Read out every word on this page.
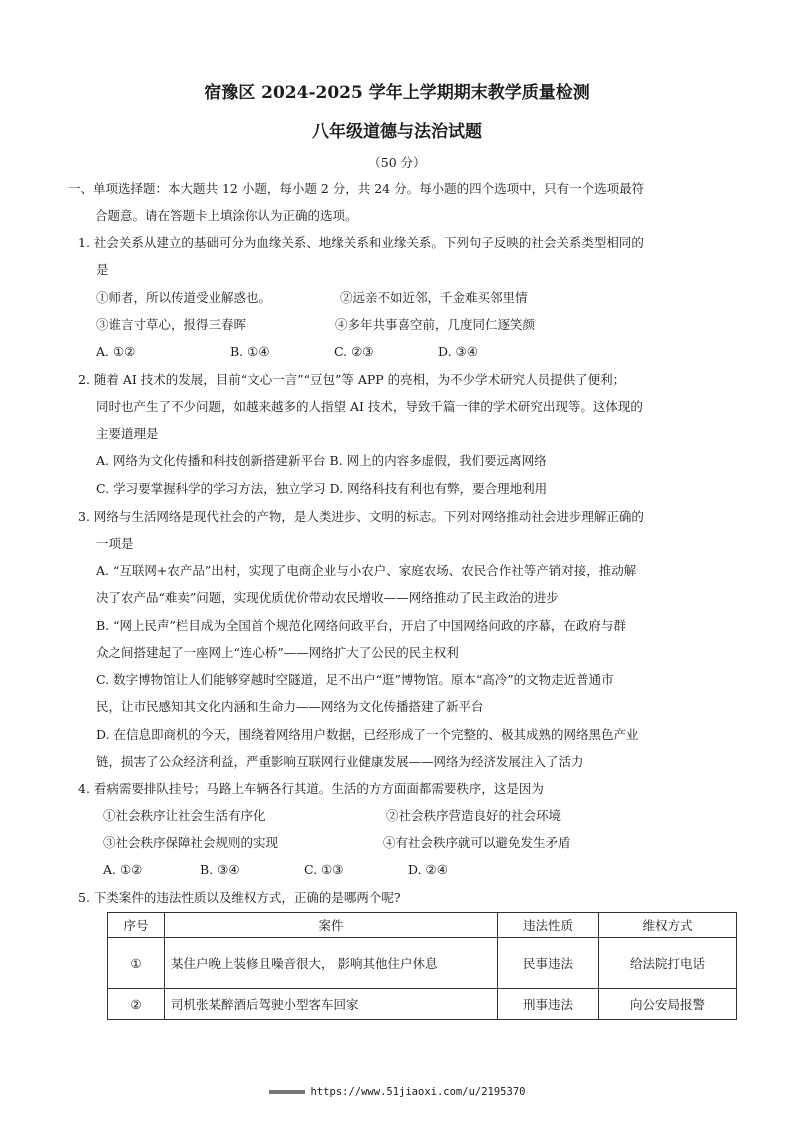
宿豫区 2024-2025 学年上学期期末教学质量检测
八年级道德与法治试题
（50 分）
一、单项选择题：本大题共 12 小题，每小题 2 分，共 24 分。每小题的四个选项中，只有一个选项最符
合题意。请在答题卡上填涂你认为正确的选项。
1. 社会关系从建立的基础可分为血缘关系、地缘关系和业缘关系。下列句子反映的社会关系类型相同的
是
①师者，所以传道受业解惑也。	②远亲不如近邻，千金难买邻里情
③谁言寸草心，报得三春晖	④多年共事喜空前，几度同仁逐笑颜
A. ①②	B. ①④	C. ②③	D. ③④
2. 随着 AI 技术的发展，目前“文心一言”“豆包”等 APP 的亮相，为不少学术研究人员提供了便利；
同时也产生了不少问题，如越来越多的人指望 AI 技术，导致千篇一律的学术研究出现等。这体现的
主要道理是
A. 网络为文化传播和科技创新搭建新平台 B. 网上的内容多虚假，我们要远离网络
C. 学习要掌握科学的学习方法，独立学习 D. 网络科技有利也有弊，要合理地利用
3. 网络与生活网络是现代社会的产物，是人类进步、文明的标志。下列对网络推动社会进步理解正确的
一项是
A. “互联网+农产品”出村，实现了电商企业与小农户、家庭农场、农民合作社等产销对接，推动解
决了农产品“难卖”问题，实现优质优价带动农民增收——网络推动了民主政治的进步
B. “网上民声”栏目成为全国首个规范化网络问政平台，开启了中国网络问政的序幕，在政府与群
众之间搭建起了一座网上“连心桥”——网络扩大了公民的民主权利
C. 数字博物馆让人们能够穿越时空隧道，足不出户“逛”博物馆。原本“高冷”的文物走近普通市
民，让市民感知其文化内涵和生命力——网络为文化传播搭建了新平台
D. 在信息即商机的今天，围绕着网络用户数据，已经形成了一个完整的、极其成熟的网络黑色产业
链，损害了公众经济利益，严重影响互联网行业健康发展——网络为经济发展注入了活力
4. 看病需要排队挂号；马路上车辆各行其道。生活的方方面面都需要秩序，这是因为
①社会秩序让社会生活有序化	②社会秩序营造良好的社会环境
③社会秩序保障社会规则的实现	④有社会秩序就可以避免发生矛盾
A. ①②	B. ③④	C. ①③	D. ②④
5. 下类案件的违法性质以及维权方式，正确的是哪两个呢?
序号	案件	违法性质	维权方式
①	某住户晚上装修且噪音很大， 影响其他住户休息	民事违法	给法院打电话
②	司机张某醉酒后驾驶小型客车回家	刑事违法	向公安局报警
https://www.51jiaoxi.com/u/2195370
